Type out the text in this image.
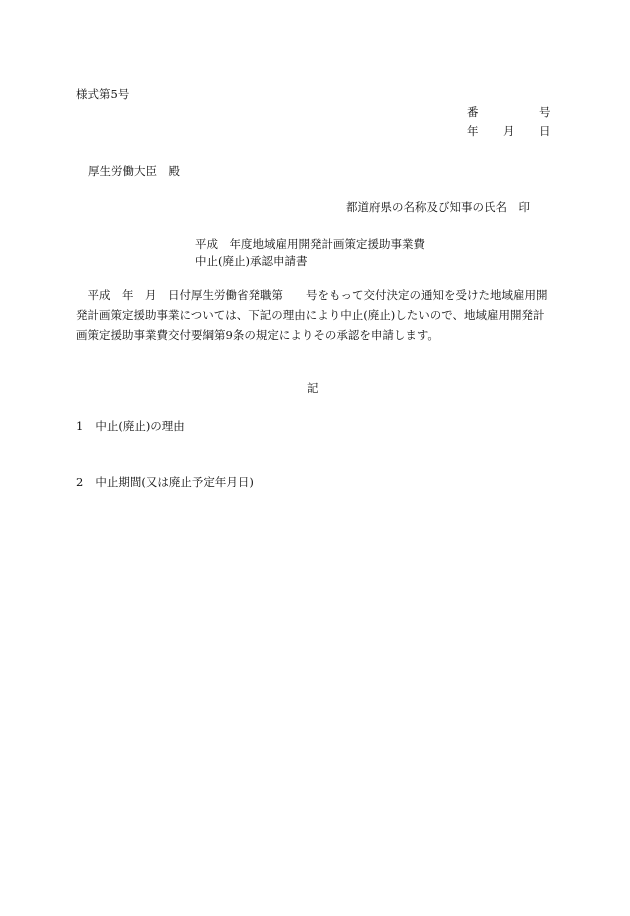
様式第5号
番	号
年 月 日
厚生労働大臣　殿
都道府県の名称及び知事の氏名　印
平成　年度地域雇用開発計画策定援助事業費
中止(廃止)承認申請書
　平成　年　月　日付厚生労働省発職第　　号をもって交付決定の通知を受けた地域雇用開発計画策定援助事業については、下記の理由により中止(廃止)したいので、地域雇用開発計画策定援助事業費交付要綱第9条の規定によりその承認を申請します。
記
1 中止(廃止)の理由
2 中止期間(又は廃止予定年月日)
